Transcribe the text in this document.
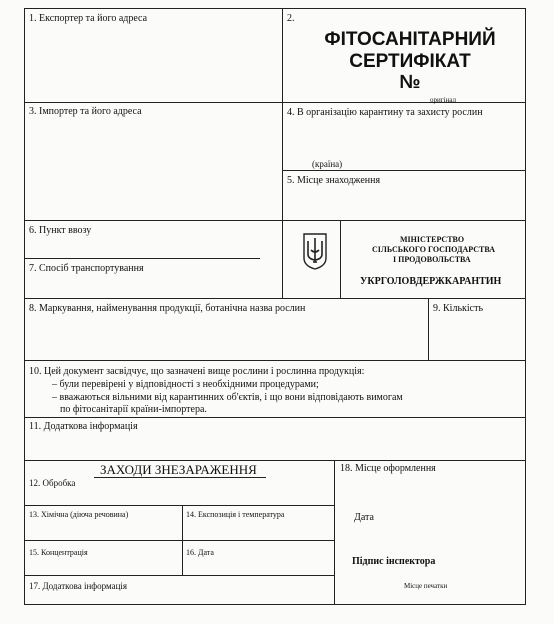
ФІТОСАНІТАРНИЙ
СЕРТИФІКАТ
№
оригінал
1. Експортер та його адреса	2.
3. Імпортер та його адреса	4. В організацію карантину та захисту рослин
(країна)
5. Місце знаходження
6. Пункт ввозу
7. Спосіб транспортування
МІНІСТЕРСТВО
СІЛЬСЬКОГО ГОСПОДАРСТВА
І ПРОДОВОЛЬСТВА
УКРГОЛОВДЕРЖКАРАНТИН
8. Маркування, найменування продукції, ботанічна назва рослин	9. Кількість
10. Цей документ засвідчує, що зазначені вище рослини і рослинна продукція:
– були перевірені у відповідності з необхідними процедурами;
– вважаються вільними від карантинних об'єктів, і що вони відповідають вимогам
по фітосанітарії країни-імпортера.
11. Додаткова інформація
ЗАХОДИ ЗНЕЗАРАЖЕННЯ
12. Обробка
13. Хімічна (діюча речовина)	14. Експозиція і температура
15. Концентрація	16. Дата
17. Додаткова інформація
18. Місце оформлення
Дата
Підпис інспектора
Місце печатки
